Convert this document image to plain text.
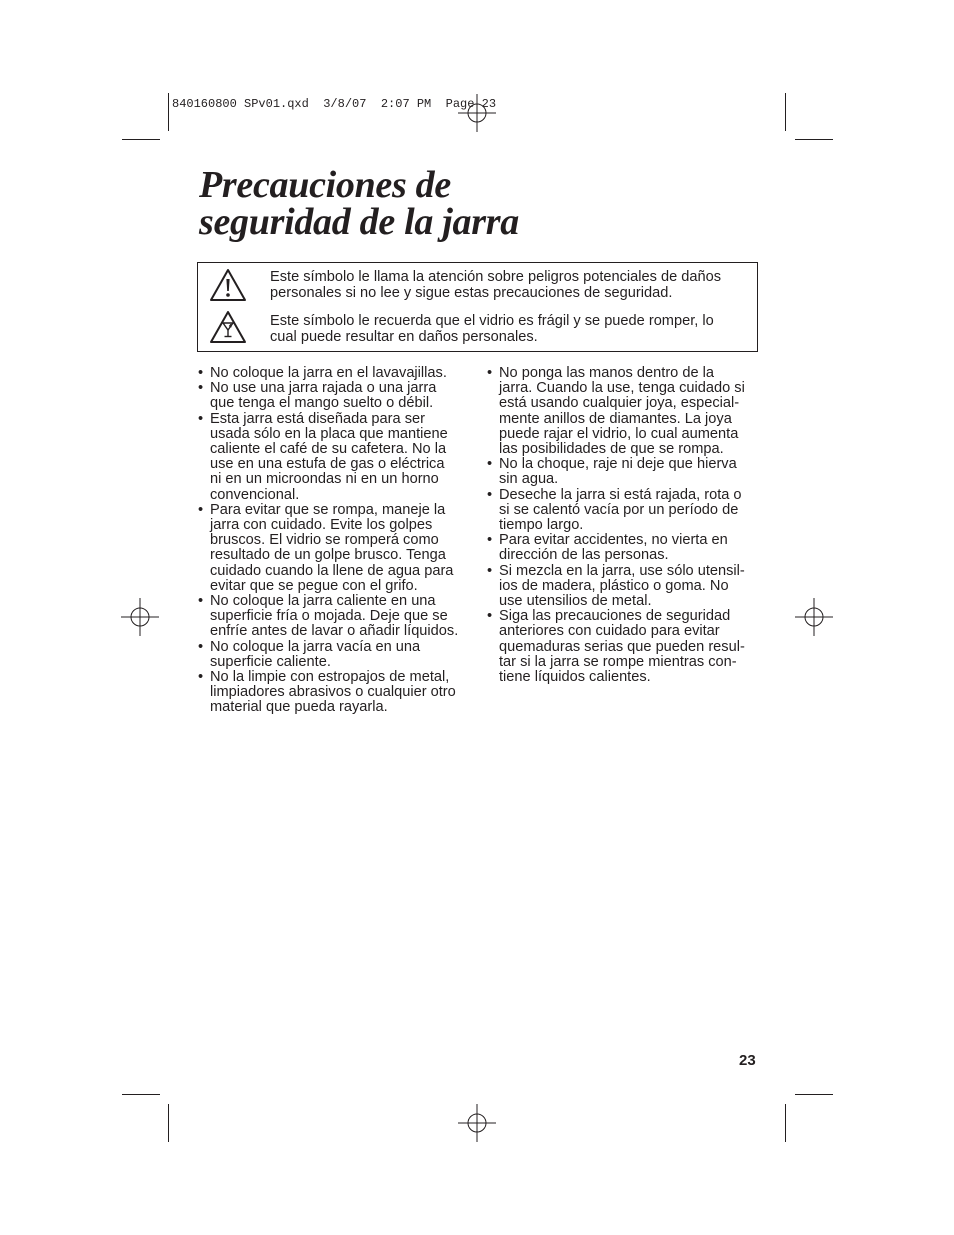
840160800 SPv01.qxd  3/8/07  2:07 PM  Page 23
Precauciones de
seguridad de la jarra
Este símbolo le llama la atención sobre peligros potenciales de daños
personales si no lee y sigue estas precauciones de seguridad.
Este símbolo le recuerda que el vidrio es frágil y se puede romper, lo
cual puede resultar en daños personales.
• No coloque la jarra en el lavavajillas.
• No use una jarra rajada o una jarra
que tenga el mango suelto o débil.
• Esta jarra está diseñada para ser
usada sólo en la placa que mantiene
caliente el café de su cafetera. No la
use en una estufa de gas o eléctrica
ni en un microondas ni en un horno
convencional.
• Para evitar que se rompa, maneje la
jarra con cuidado. Evite los golpes
bruscos. El vidrio se romperá como
resultado de un golpe brusco. Tenga
cuidado cuando la llene de agua para
evitar que se pegue con el grifo.
• No coloque la jarra caliente en una
superficie fría o mojada. Deje que se
enfríe antes de lavar o añadir líquidos.
• No coloque la jarra vacía en una
superficie caliente.
• No la limpie con estropajos de metal,
limpiadores abrasivos o cualquier otro
material que pueda rayarla.
• No ponga las manos dentro de la
jarra. Cuando la use, tenga cuidado si
está usando cualquier joya, especial-
mente anillos de diamantes. La joya
puede rajar el vidrio, lo cual aumenta
las posibilidades de que se rompa.
• No la choque, raje ni deje que hierva
sin agua.
• Deseche la jarra si está rajada, rota o
si se calentó vacía por un período de
tiempo largo.
• Para evitar accidentes, no vierta en
dirección de las personas.
• Si mezcla en la jarra, use sólo utensil-
ios de madera, plástico o goma. No
use utensilios de metal.
• Siga las precauciones de seguridad
anteriores con cuidado para evitar
quemaduras serias que pueden resul-
tar si la jarra se rompe mientras con-
tiene líquidos calientes.
23
